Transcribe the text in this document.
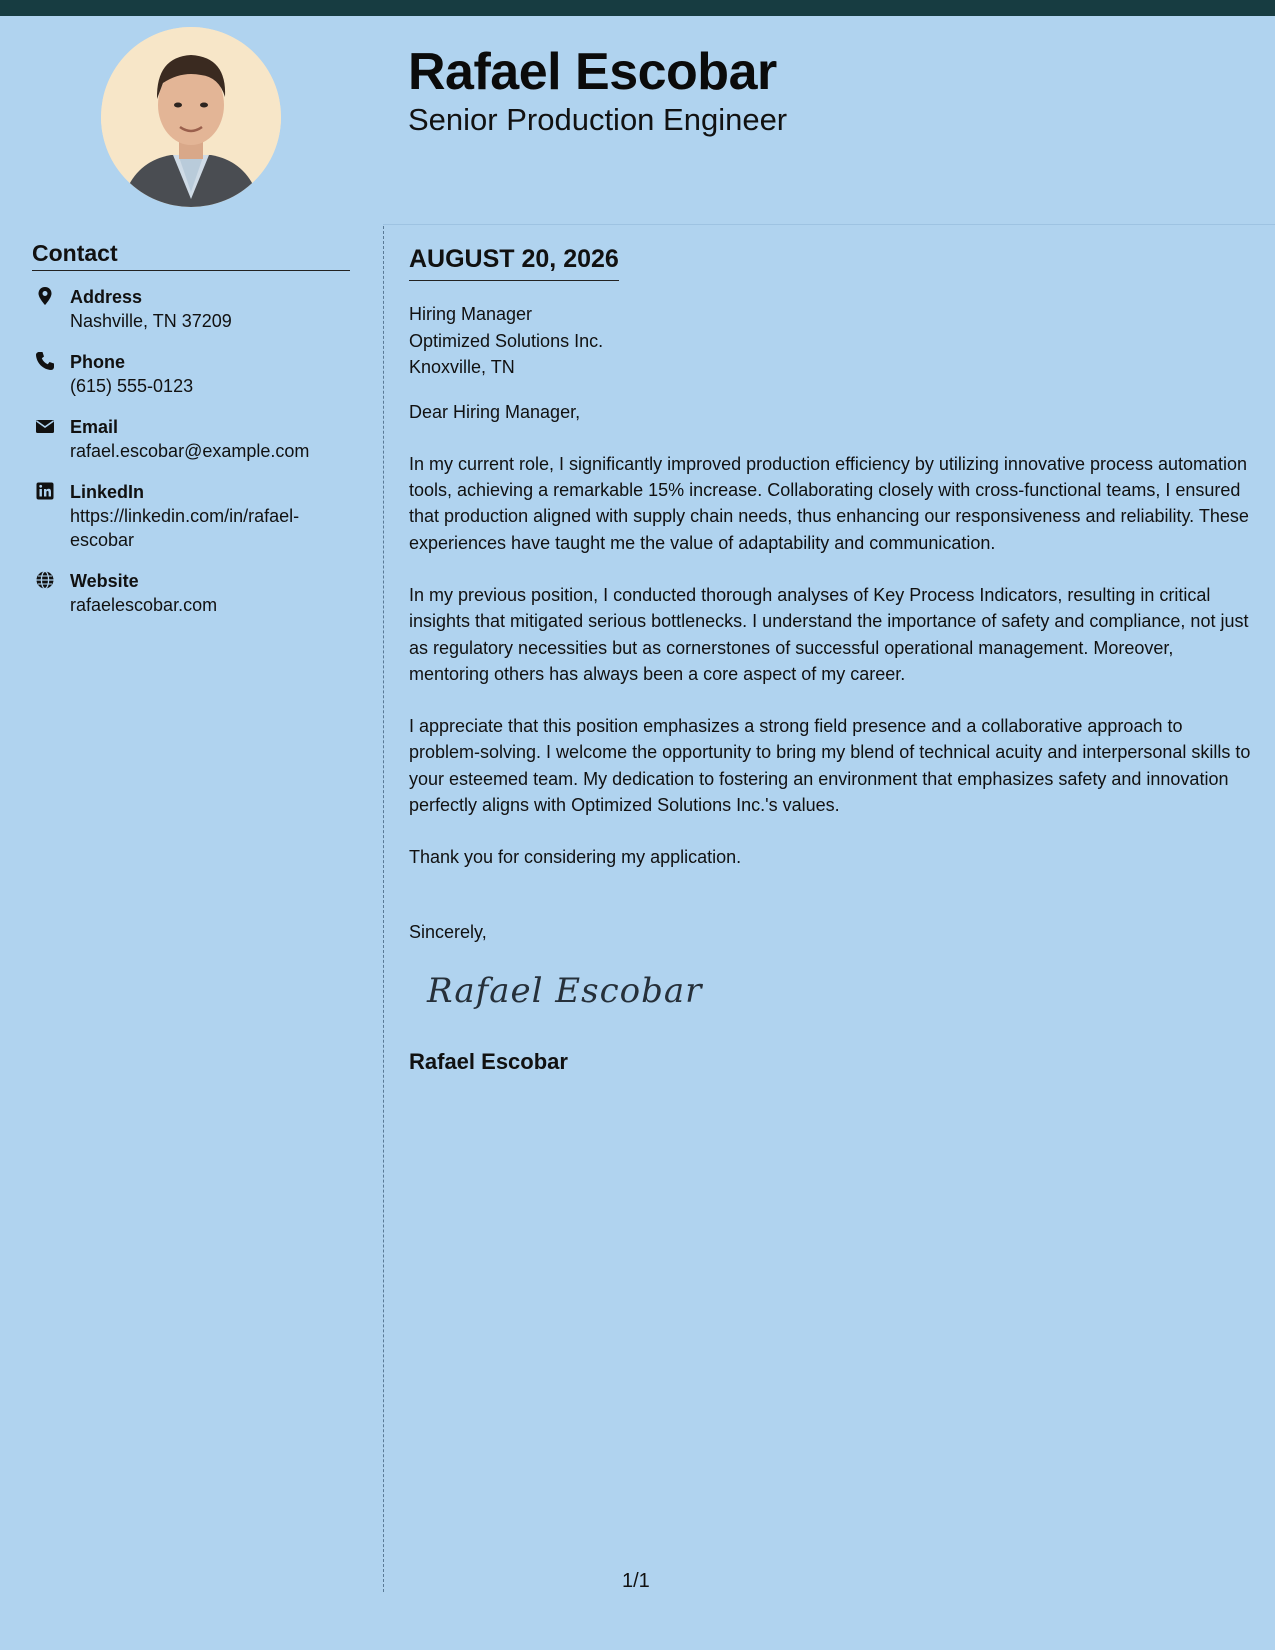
Rafael Escobar
Senior Production Engineer
Contact
Address
Nashville, TN 37209
Phone
(615) 555-0123
Email
rafael.escobar@example.com
LinkedIn
https://linkedin.com/in/rafael-escobar
Website
rafaelescobar.com
AUGUST 20, 2026
Hiring Manager
Optimized Solutions Inc.
Knoxville, TN

Dear Hiring Manager,

In my current role, I significantly improved production efficiency by utilizing innovative process automation tools, achieving a remarkable 15% increase. Collaborating closely with cross-functional teams, I ensured that production aligned with supply chain needs, thus enhancing our responsiveness and reliability. These experiences have taught me the value of adaptability and communication.

In my previous position, I conducted thorough analyses of Key Process Indicators, resulting in critical insights that mitigated serious bottlenecks. I understand the importance of safety and compliance, not just as regulatory necessities but as cornerstones of successful operational management. Moreover, mentoring others has always been a core aspect of my career.

I appreciate that this position emphasizes a strong field presence and a collaborative approach to problem-solving. I welcome the opportunity to bring my blend of technical acuity and interpersonal skills to your esteemed team. My dedication to fostering an environment that emphasizes safety and innovation perfectly aligns with Optimized Solutions Inc.'s values.

Thank you for considering my application.

Sincerely,

Rafael Escobar
Rafael Escobar
1/1
